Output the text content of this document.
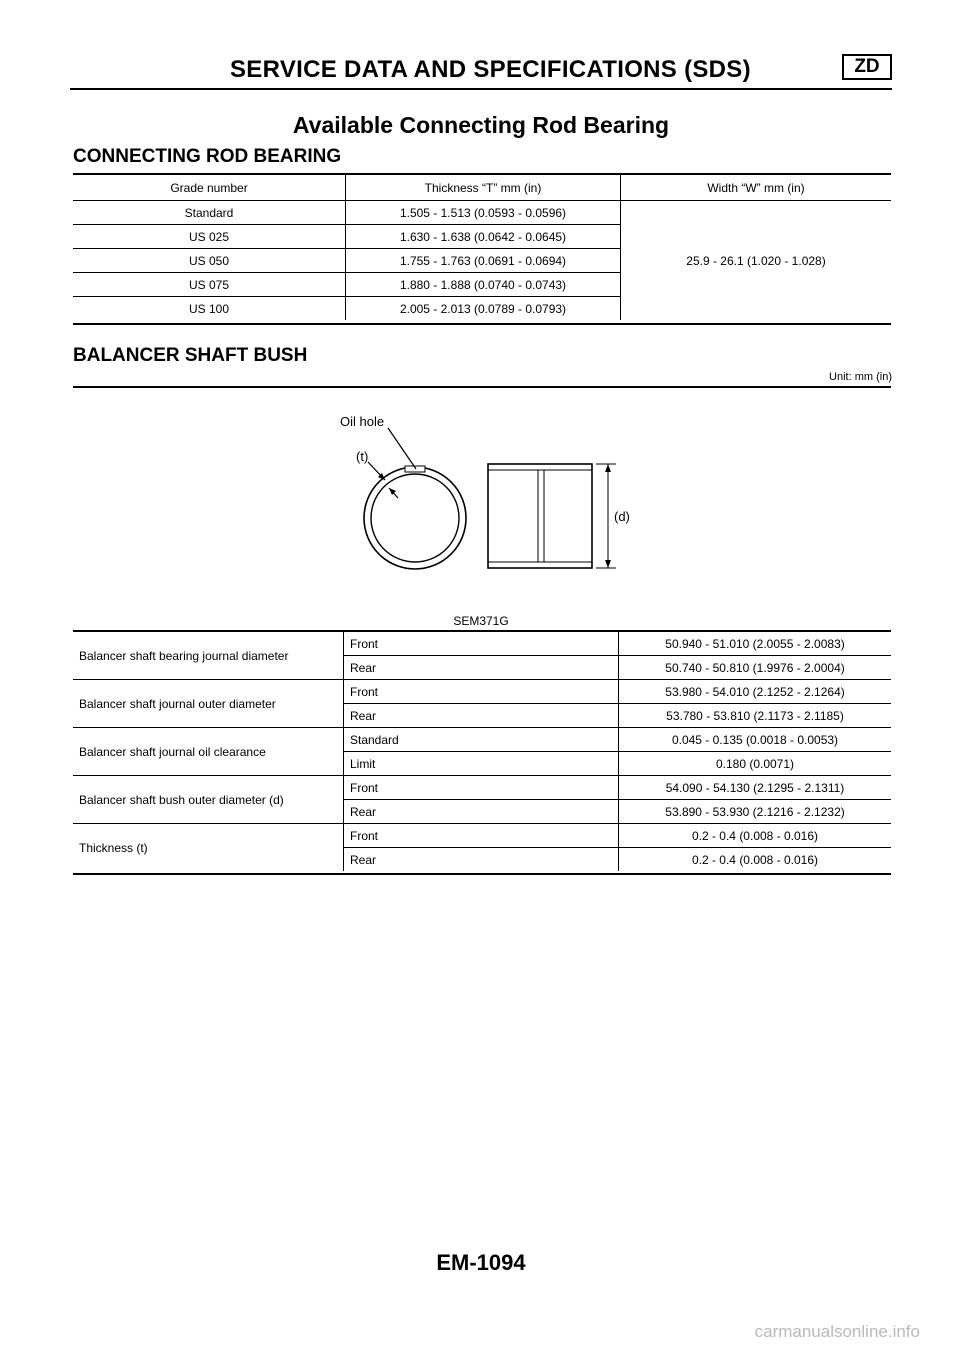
SERVICE DATA AND SPECIFICATIONS (SDS)	ZD
Available Connecting Rod Bearing
CONNECTING ROD BEARING
Grade number	Thickness “T” mm (in)	Width “W” mm (in)
Standard	1.505 - 1.513 (0.0593 - 0.0596)	25.9 - 26.1 (1.020 - 1.028)
US 025	1.630 - 1.638 (0.0642 - 0.0645)	
US 050	1.755 - 1.763 (0.0691 - 0.0694)	
US 075	1.880 - 1.888 (0.0740 - 0.0743)	
US 100	2.005 - 2.013 (0.0789 - 0.0793)	
BALANCER SHAFT BUSH
Unit: mm (in)
Oil hole
(t)
(d)
SEM371G
Balancer shaft bearing journal diameter	Front	50.940 - 51.010 (2.0055 - 2.0083)
	Rear	50.740 - 50.810 (1.9976 - 2.0004)
Balancer shaft journal outer diameter	Front	53.980 - 54.010 (2.1252 - 2.1264)
	Rear	53.780 - 53.810 (2.1173 - 2.1185)
Balancer shaft journal oil clearance	Standard	0.045 - 0.135 (0.0018 - 0.0053)
	Limit	0.180 (0.0071)
Balancer shaft bush outer diameter (d)	Front	54.090 - 54.130 (2.1295 - 2.1311)
	Rear	53.890 - 53.930 (2.1216 - 2.1232)
Thickness (t)	Front	0.2 - 0.4 (0.008 - 0.016)
	Rear	0.2 - 0.4 (0.008 - 0.016)
EM-1094
carmanualsonline.info
